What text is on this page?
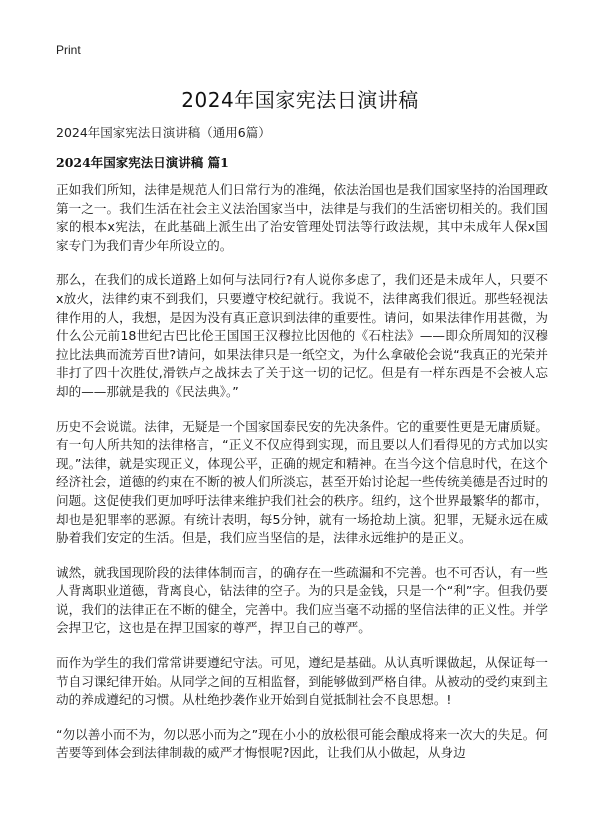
Print
2024年国家宪法日演讲稿
2024年国家宪法日演讲稿（通用6篇）
2024年国家宪法日演讲稿 篇1

正如我们所知，法律是规范人们日常行为的准绳，依法治国也是我们国家坚持的治国理政第一之一。我们生活在社会主义法治国家当中，法律是与我们的生活密切相关的。我们国家的根本x宪法，在此基础上派生出了治安管理处罚法等行政法规，其中未成年人保x国家专门为我们青少年所设立的。

那么，在我们的成长道路上如何与法同行?有人说你多虑了，我们还是未成年人，只要不x放火，法律约束不到我们，只要遵守校纪就行。我说不，法律离我们很近。那些轻视法律作用的人，我想，是因为没有真正意识到法律的重要性。请问，如果法律作用甚微，为什么公元前18世纪古巴比伦王国国王汉穆拉比因他的《石柱法》——即众所周知的汉穆拉比法典而流芳百世?请问，如果法律只是一纸空文，为什么拿破伦会说“我真正的光荣并非打了四十次胜仗,滑铁卢之战抹去了关于这一切的记忆。但是有一样东西是不会被人忘却的——那就是我的《民法典》。”

历史不会说谎。法律，无疑是一个国家国泰民安的先决条件。它的重要性更是无庸质疑。有一句人所共知的法律格言，“正义不仅应得到实现，而且要以人们看得见的方式加以实现。”法律，就是实现正义，体现公平，正确的规定和精神。在当今这个信息时代，在这个经济社会，道德的约束在不断的被人们所淡忘，甚至开始讨论起一些传统美德是否过时的问题。这促使我们更加呼吁法律来维护我们社会的秩序。纽约，这个世界最繁华的都市，却也是犯罪率的恶源。有统计表明，每5分钟，就有一场抢劫上演。犯罪，无疑永远在威胁着我们安定的生活。但是，我们应当坚信的是，法律永远维护的是正义。

诚然，就我国现阶段的法律体制而言，的确存在一些疏漏和不完善。也不可否认，有一些人背离职业道德，背离良心，钻法律的空子。为的只是金钱，只是一个“利”字。但我仍要说，我们的法律正在不断的健全，完善中。我们应当毫不动摇的坚信法律的正义性。并学会捍卫它，这也是在捍卫国家的尊严，捍卫自己的尊严。

而作为学生的我们常常讲要遵纪守法。可见，遵纪是基础。从认真听课做起，从保证每一节自习课纪律开始。从同学之间的互相监督，到能够做到严格自律。从被动的受约束到主动的养成遵纪的习惯。从杜绝抄袭作业开始到自觉抵制社会不良思想。!

“勿以善小而不为，勿以恶小而为之”现在小小的放松很可能会酿成将来一次大的失足。何苦要等到体会到法律制裁的威严才悔恨呢?因此，让我们从小做起，从身边
